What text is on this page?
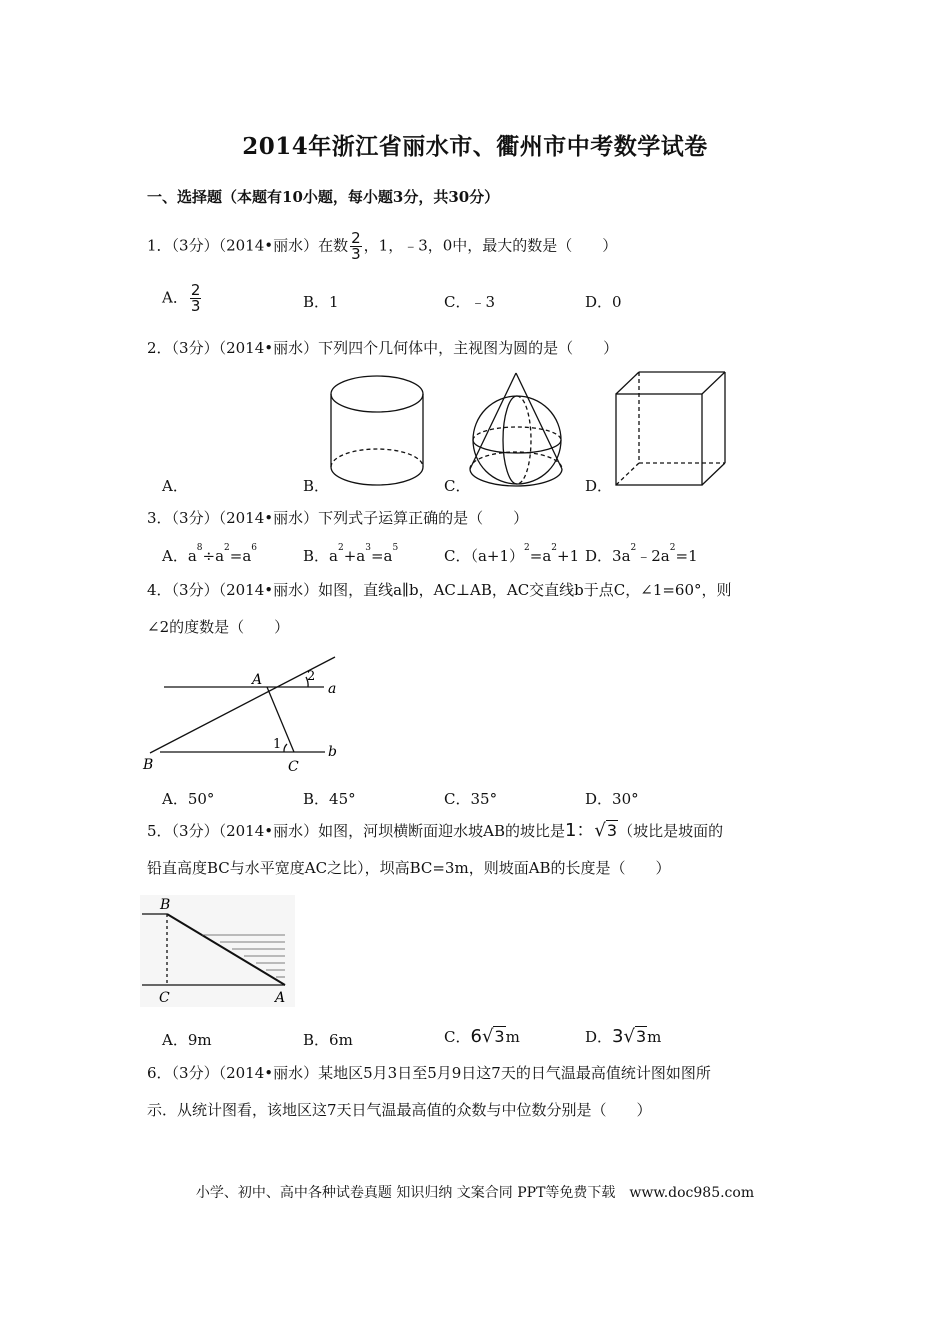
2014年浙江省丽水市、衢州市中考数学试卷
一、选择题（本题有10小题，每小题3分，共30分）
1．（3分）（2014•丽水）在数 $\frac{2}{3}$ ，1，﹣3，0中，最大的数是（　　）
A． $\frac{2}{3}$	B．1	C．﹣3	D．0
2．（3分）（2014•丽水）下列四个几何体中，主视图为圆的是（　　）
A．	B．	C．	D．
3．（3分）（2014•丽水）下列式子运算正确的是（　　）
A．$a^8\div a^2=a^6$	B．$a^2+a^3=a^5$	C．$(a+1)^2=a^2+1$ D．$3a^2﹣2a^2=1$
4．（3分）（2014•丽水）如图，直线a∥b，AC⊥AB，AC交直线b于点C，∠1=60°，则
∠2的度数是（　　）
A
a
b
B	C
1
2
A．50°	B．45°	C．35°	D．30°
5．（3分）（2014•丽水）如图，河坝横断面迎水坡AB的坡比是1：√3（坡比是坡面的
铅直高度BC与水平宽度AC之比），坝高BC=3m，则坡面AB的长度是（　　）
B
C	A
A．9m	B．6m	C．6√3m	D．3√3m
6．（3分）（2014•丽水）某地区5月3日至5月9日这7天的日气温最高值统计图如图所
示．从统计图看，该地区这7天日气温最高值的众数与中位数分别是（　　）
小学、初中、高中各种试卷真题 知识归纳 文案合同 PPT等免费下载　www.doc985.com
